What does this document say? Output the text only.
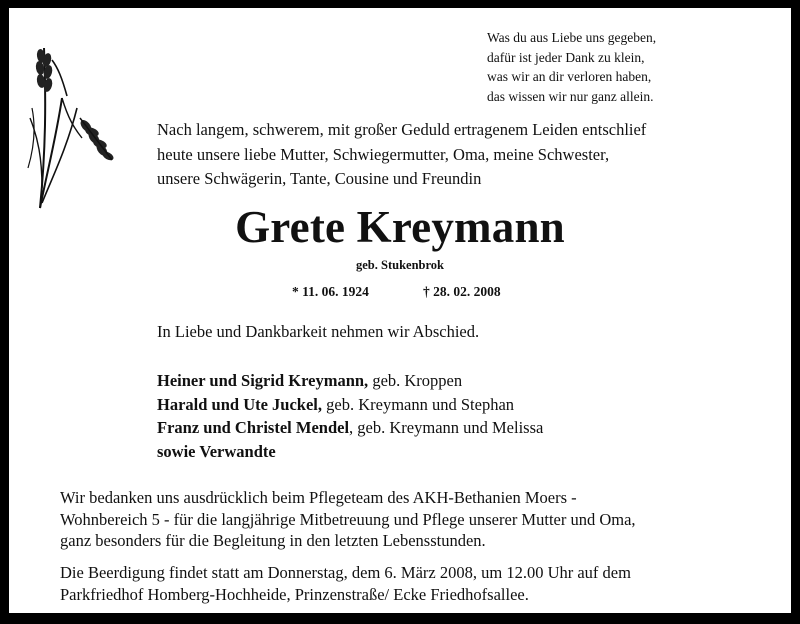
Was du aus Liebe uns gegeben,
dafür ist jeder Dank zu klein,
was wir an dir verloren haben,
das wissen wir nur ganz allein.
Nach langem, schwerem, mit großer Geduld ertragenem Leiden entschlief
heute unsere liebe Mutter, Schwiegermutter, Oma, meine Schwester,
unsere Schwägerin, Tante, Cousine und Freundin
Grete Kreymann
geb. Stukenbrok
* 11. 06. 1924	† 28. 02. 2008
In Liebe und Dankbarkeit nehmen wir Abschied.
Heiner und Sigrid Kreymann, geb. Kroppen
Harald und Ute Juckel, geb. Kreymann und Stephan
Franz und Christel Mendel, geb. Kreymann und Melissa
sowie Verwandte
Wir bedanken uns ausdrücklich beim Pflegeteam des AKH-Bethanien Moers -
Wohnbereich 5 - für die langjährige Mitbetreuung und Pflege unserer Mutter und Oma,
ganz besonders für die Begleitung in den letzten Lebensstunden.
Die Beerdigung findet statt am Donnerstag, dem 6. März 2008, um 12.00 Uhr auf dem
Parkfriedhof Homberg-Hochheide, Prinzenstraße/ Ecke Friedhofsallee.
